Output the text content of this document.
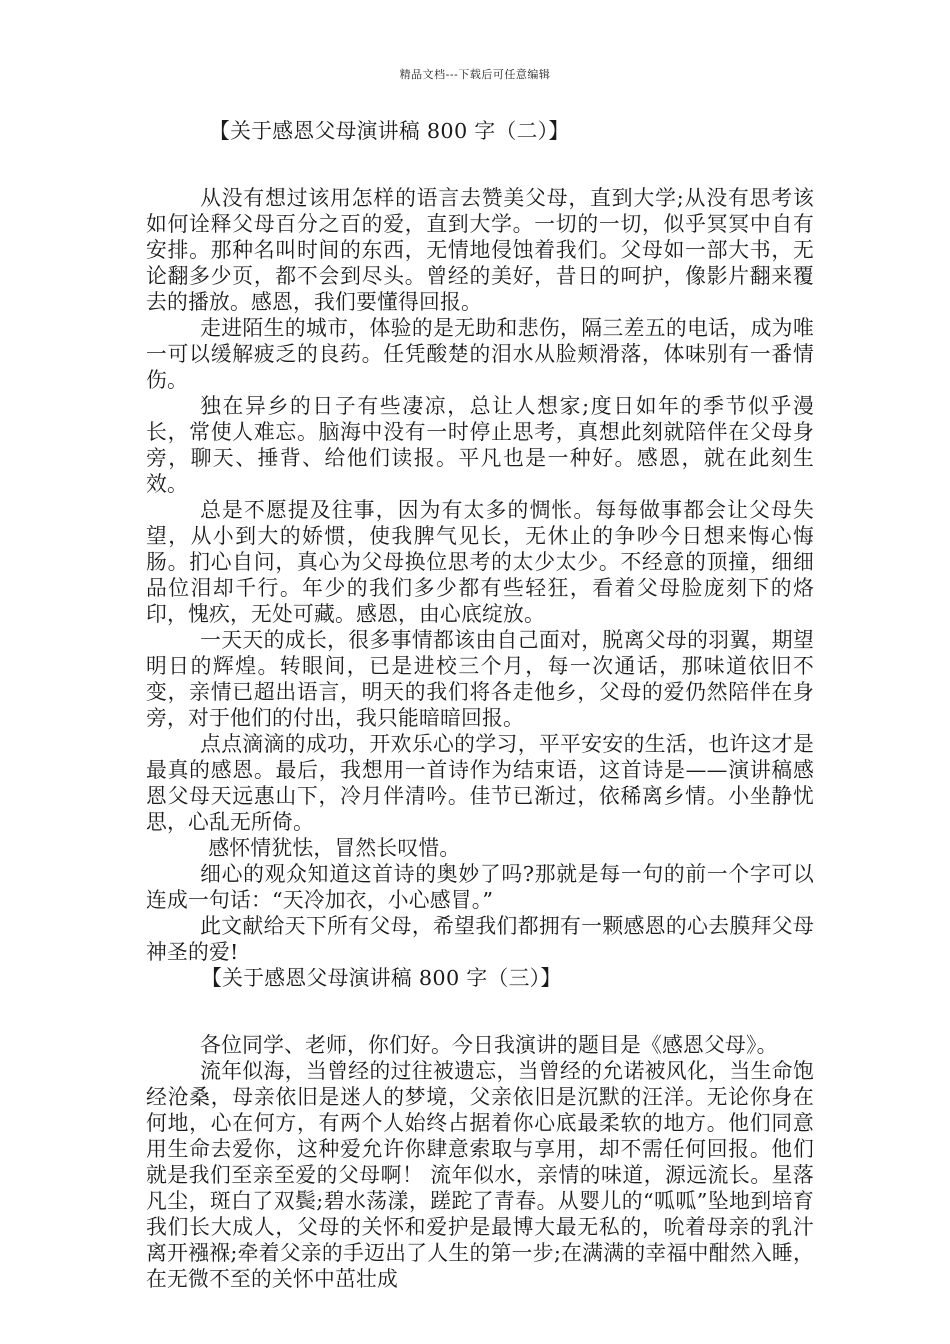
精品文档---下载后可任意编辑

【关于感恩父母演讲稿 800 字（二）】

从没有想过该用怎样的语言去赞美父母，直到大学;从没有思考该如何诠释父母百分之百的爱，直到大学。一切的一切，似乎冥冥中自有安排。那种名叫时间的东西，无情地侵蚀着我们。父母如一部大书，无论翻多少页，都不会到尽头。曾经的美好，昔日的呵护，像影片翻来覆去的播放。感恩，我们要懂得回报。

走进陌生的城市，体验的是无助和悲伤，隔三差五的电话，成为唯一可以缓解疲乏的良药。任凭酸楚的泪水从脸颊滑落，体味别有一番情伤。

独在异乡的日子有些凄凉，总让人想家;度日如年的季节似乎漫长，常使人难忘。脑海中没有一时停止思考，真想此刻就陪伴在父母身旁，聊天、捶背、给他们读报。平凡也是一种好。感恩，就在此刻生效。

总是不愿提及往事，因为有太多的惆怅。每每做事都会让父母失望，从小到大的娇惯，使我脾气见长，无休止的争吵今日想来悔心悔肠。扪心自问，真心为父母换位思考的太少太少。不经意的顶撞，细细品位泪却千行。年少的我们多少都有些轻狂，看着父母脸庞刻下的烙印，愧疚，无处可藏。感恩，由心底绽放。

一天天的成长，很多事情都该由自己面对，脱离父母的羽翼，期望明日的辉煌。转眼间，已是进校三个月，每一次通话，那味道依旧不变，亲情已超出语言，明天的我们将各走他乡，父母的爱仍然陪伴在身旁，对于他们的付出，我只能暗暗回报。

点点滴滴的成功，开欢乐心的学习，平平安安的生活，也许这才是最真的感恩。最后，我想用一首诗作为结束语，这首诗是——演讲稿感恩父母天远惠山下，冷月伴清吟。佳节已渐过，依稀离乡情。小坐静忧思，心乱无所倚。

感怀情犹怯，冒然长叹惜。

细心的观众知道这首诗的奥妙了吗?那就是每一句的前一个字可以连成一句话：“天冷加衣，小心感冒。”

此文献给天下所有父母，希望我们都拥有一颗感恩的心去膜拜父母神圣的爱!

【关于感恩父母演讲稿 800 字（三）】

各位同学、老师，你们好。今日我演讲的题目是《感恩父母》。

流年似海，当曾经的过往被遗忘，当曾经的允诺被风化，当生命饱经沧桑，母亲依旧是迷人的梦境，父亲依旧是沉默的汪洋。无论你身在何地，心在何方，有两个人始终占据着你心底最柔软的地方。他们同意用生命去爱你，这种爱允许你肆意索取与享用，却不需任何回报。他们就是我们至亲至爱的父母啊！ 流年似水，亲情的味道，源远流长。星落凡尘，斑白了双鬓;碧水荡漾，蹉跎了青春。从婴儿的“呱呱”坠地到培育我们长大成人，父母的关怀和爱护是最博大最无私的，吮着母亲的乳汁离开襁褓;牵着父亲的手迈出了人生的第一步;在满满的幸福中酣然入睡，在无微不至的关怀中茁壮成
